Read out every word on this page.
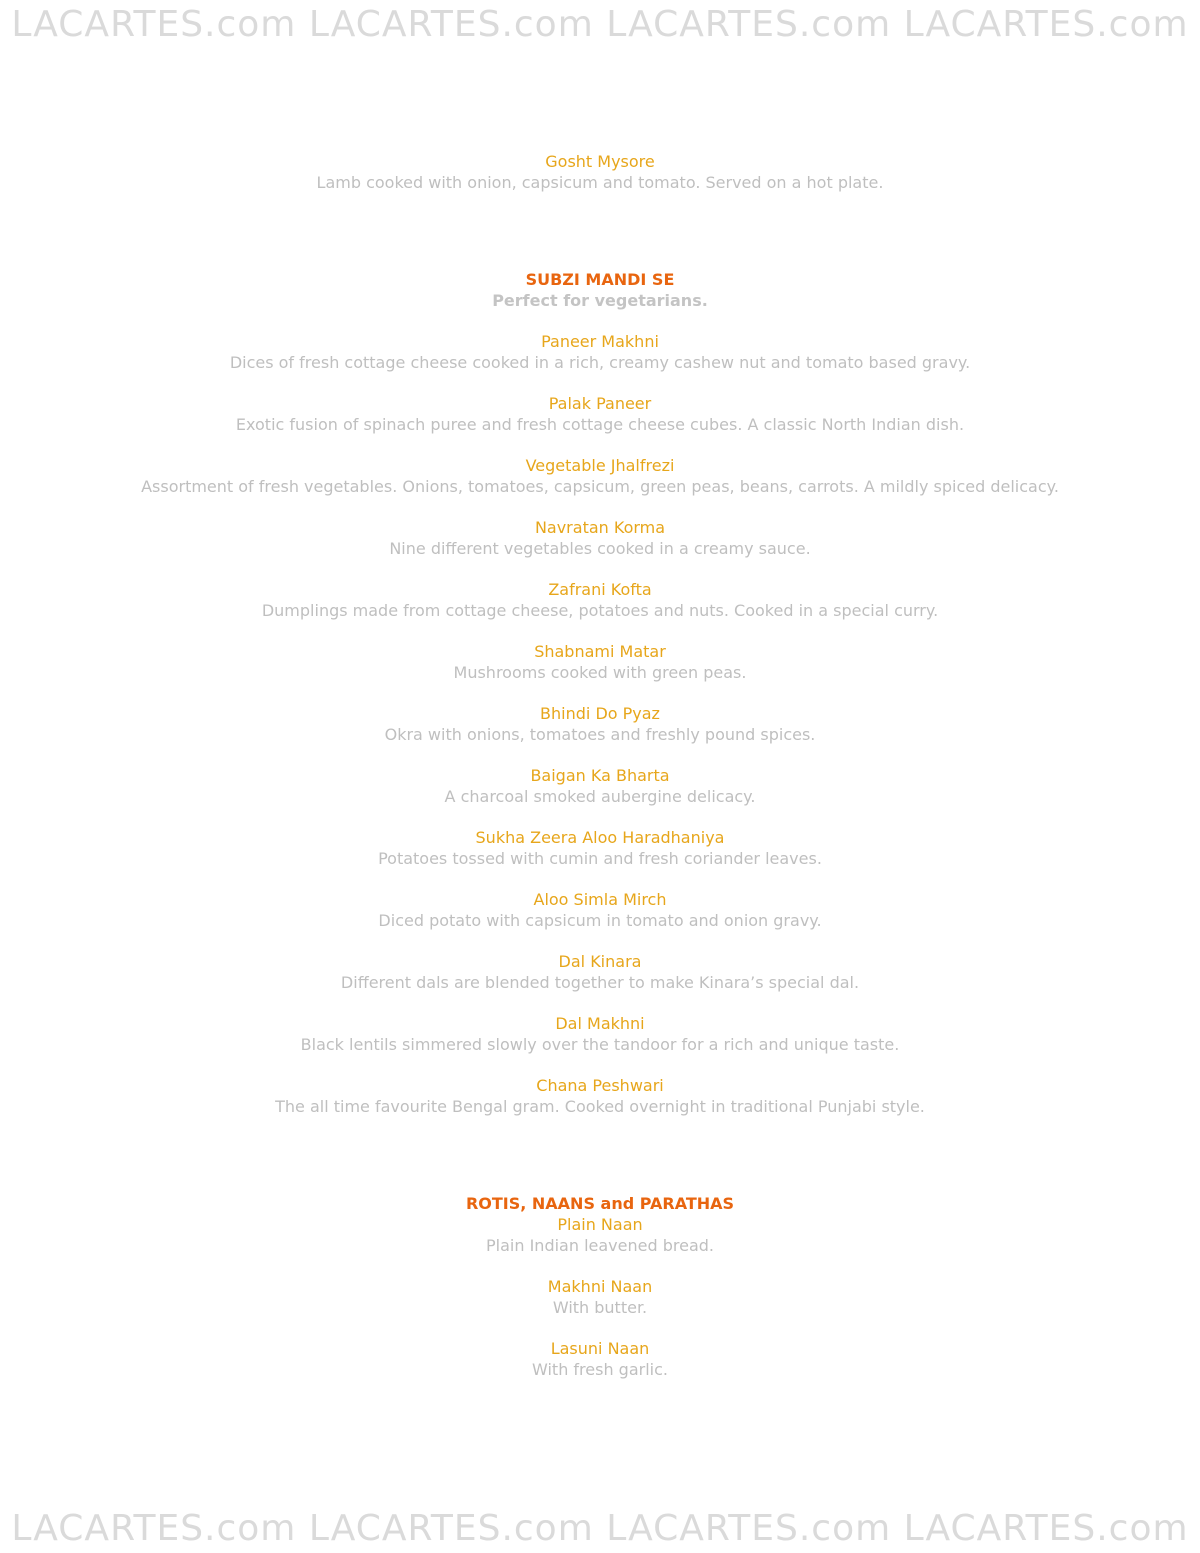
LACARTES.com LACARTES.com LACARTES.com LACARTES.com
Gosht Mysore
Lamb cooked with onion, capsicum and tomato. Served on a hot plate.
SUBZI MANDI SE
Perfect for vegetarians.
Paneer Makhni
Dices of fresh cottage cheese cooked in a rich, creamy cashew nut and tomato based gravy.
Palak Paneer
Exotic fusion of spinach puree and fresh cottage cheese cubes. A classic North Indian dish.
Vegetable Jhalfrezi
Assortment of fresh vegetables. Onions, tomatoes, capsicum, green peas, beans, carrots. A mildly spiced delicacy.
Navratan Korma
Nine different vegetables cooked in a creamy sauce.
Zafrani Kofta
Dumplings made from cottage cheese, potatoes and nuts. Cooked in a special curry.
Shabnami Matar
Mushrooms cooked with green peas.
Bhindi Do Pyaz
Okra with onions, tomatoes and freshly pound spices.
Baigan Ka Bharta
A charcoal smoked aubergine delicacy.
Sukha Zeera Aloo Haradhaniya
Potatoes tossed with cumin and fresh coriander leaves.
Aloo Simla Mirch
Diced potato with capsicum in tomato and onion gravy.
Dal Kinara
Different dals are blended together to make Kinara’s special dal.
Dal Makhni
Black lentils simmered slowly over the tandoor for a rich and unique taste.
Chana Peshwari
The all time favourite Bengal gram. Cooked overnight in traditional Punjabi style.
ROTIS, NAANS and PARATHAS
Plain Naan
Plain Indian leavened bread.
Makhni Naan
With butter.
Lasuni Naan
With fresh garlic.
LACARTES.com LACARTES.com LACARTES.com LACARTES.com
